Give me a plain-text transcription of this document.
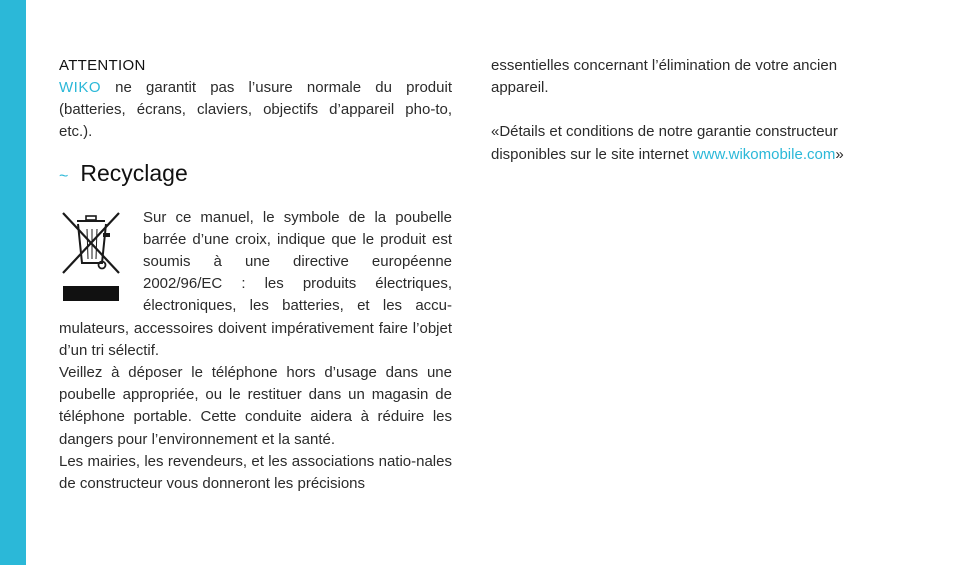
ATTENTION

WIKO ne garantit pas l’usure normale du produit (batteries, écrans, claviers, objectifs d’appareil pho-to, etc.).

~ Recyclage

Sur ce manuel, le symbole de la poubelle barrée d’une croix, indique que le produit est soumis à une directive européenne 2002/96/EC : les produits électriques, électroniques, les batteries, et les accu-mulateurs, accessoires doivent impérativement faire l’objet d’un tri sélectif.

Veillez à déposer le téléphone hors d’usage dans une poubelle appropriée, ou le restituer dans un magasin de téléphone portable. Cette conduite aidera à réduire les dangers pour l’environnement et la santé.

Les mairies, les revendeurs, et les associations natio-nales de constructeur vous donneront les précisions

essentielles concernant l’élimination de votre ancien appareil.

«Détails et conditions de notre garantie constructeur disponibles sur le site internet www.wikomobile.com»
